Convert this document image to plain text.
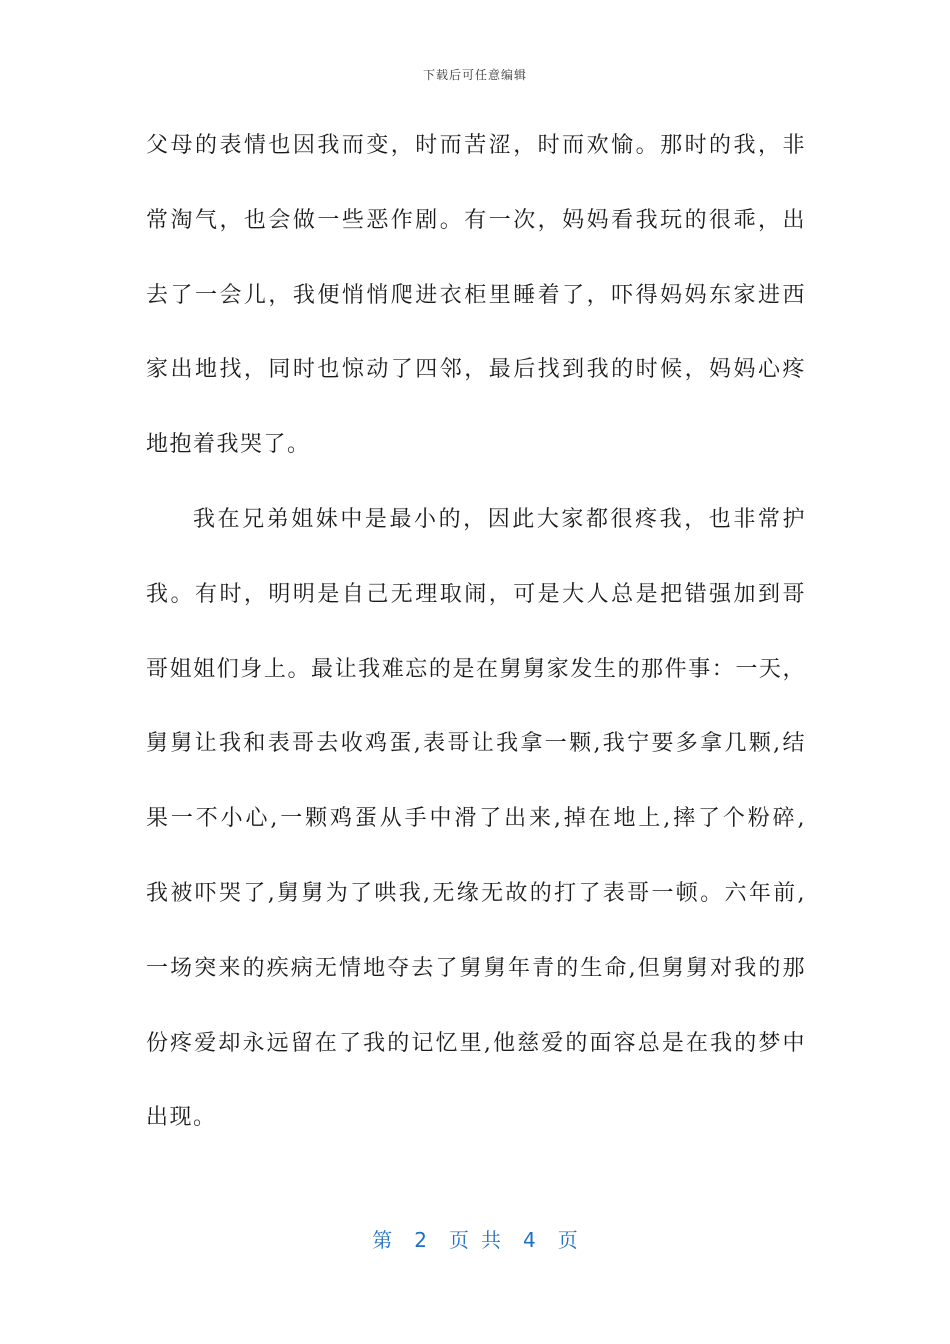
下载后可任意编辑
父母的表情也因我而变，时而苦涩，时而欢愉。那时的我，非
常淘气，也会做一些恶作剧。有一次，妈妈看我玩的很乖，出
去了一会儿，我便悄悄爬进衣柜里睡着了，吓得妈妈东家进西
家出地找，同时也惊动了四邻，最后找到我的时候，妈妈心疼
地抱着我哭了。
我在兄弟姐妹中是最小的，因此大家都很疼我，也非常护
我。有时，明明是自己无理取闹，可是大人总是把错强加到哥
哥姐姐们身上。最让我难忘的是在舅舅家发生的那件事：一天，
舅舅让我和表哥去收鸡蛋,表哥让我拿一颗,我宁要多拿几颗,结
果一不小心,一颗鸡蛋从手中滑了出来,掉在地上,摔了个粉碎,
我被吓哭了,舅舅为了哄我,无缘无故的打了表哥一顿。六年前,
一场突来的疾病无情地夺去了舅舅年青的生命,但舅舅对我的那
份疼爱却永远留在了我的记忆里,他慈爱的面容总是在我的梦中
出现。
第 2 页共 4 页
